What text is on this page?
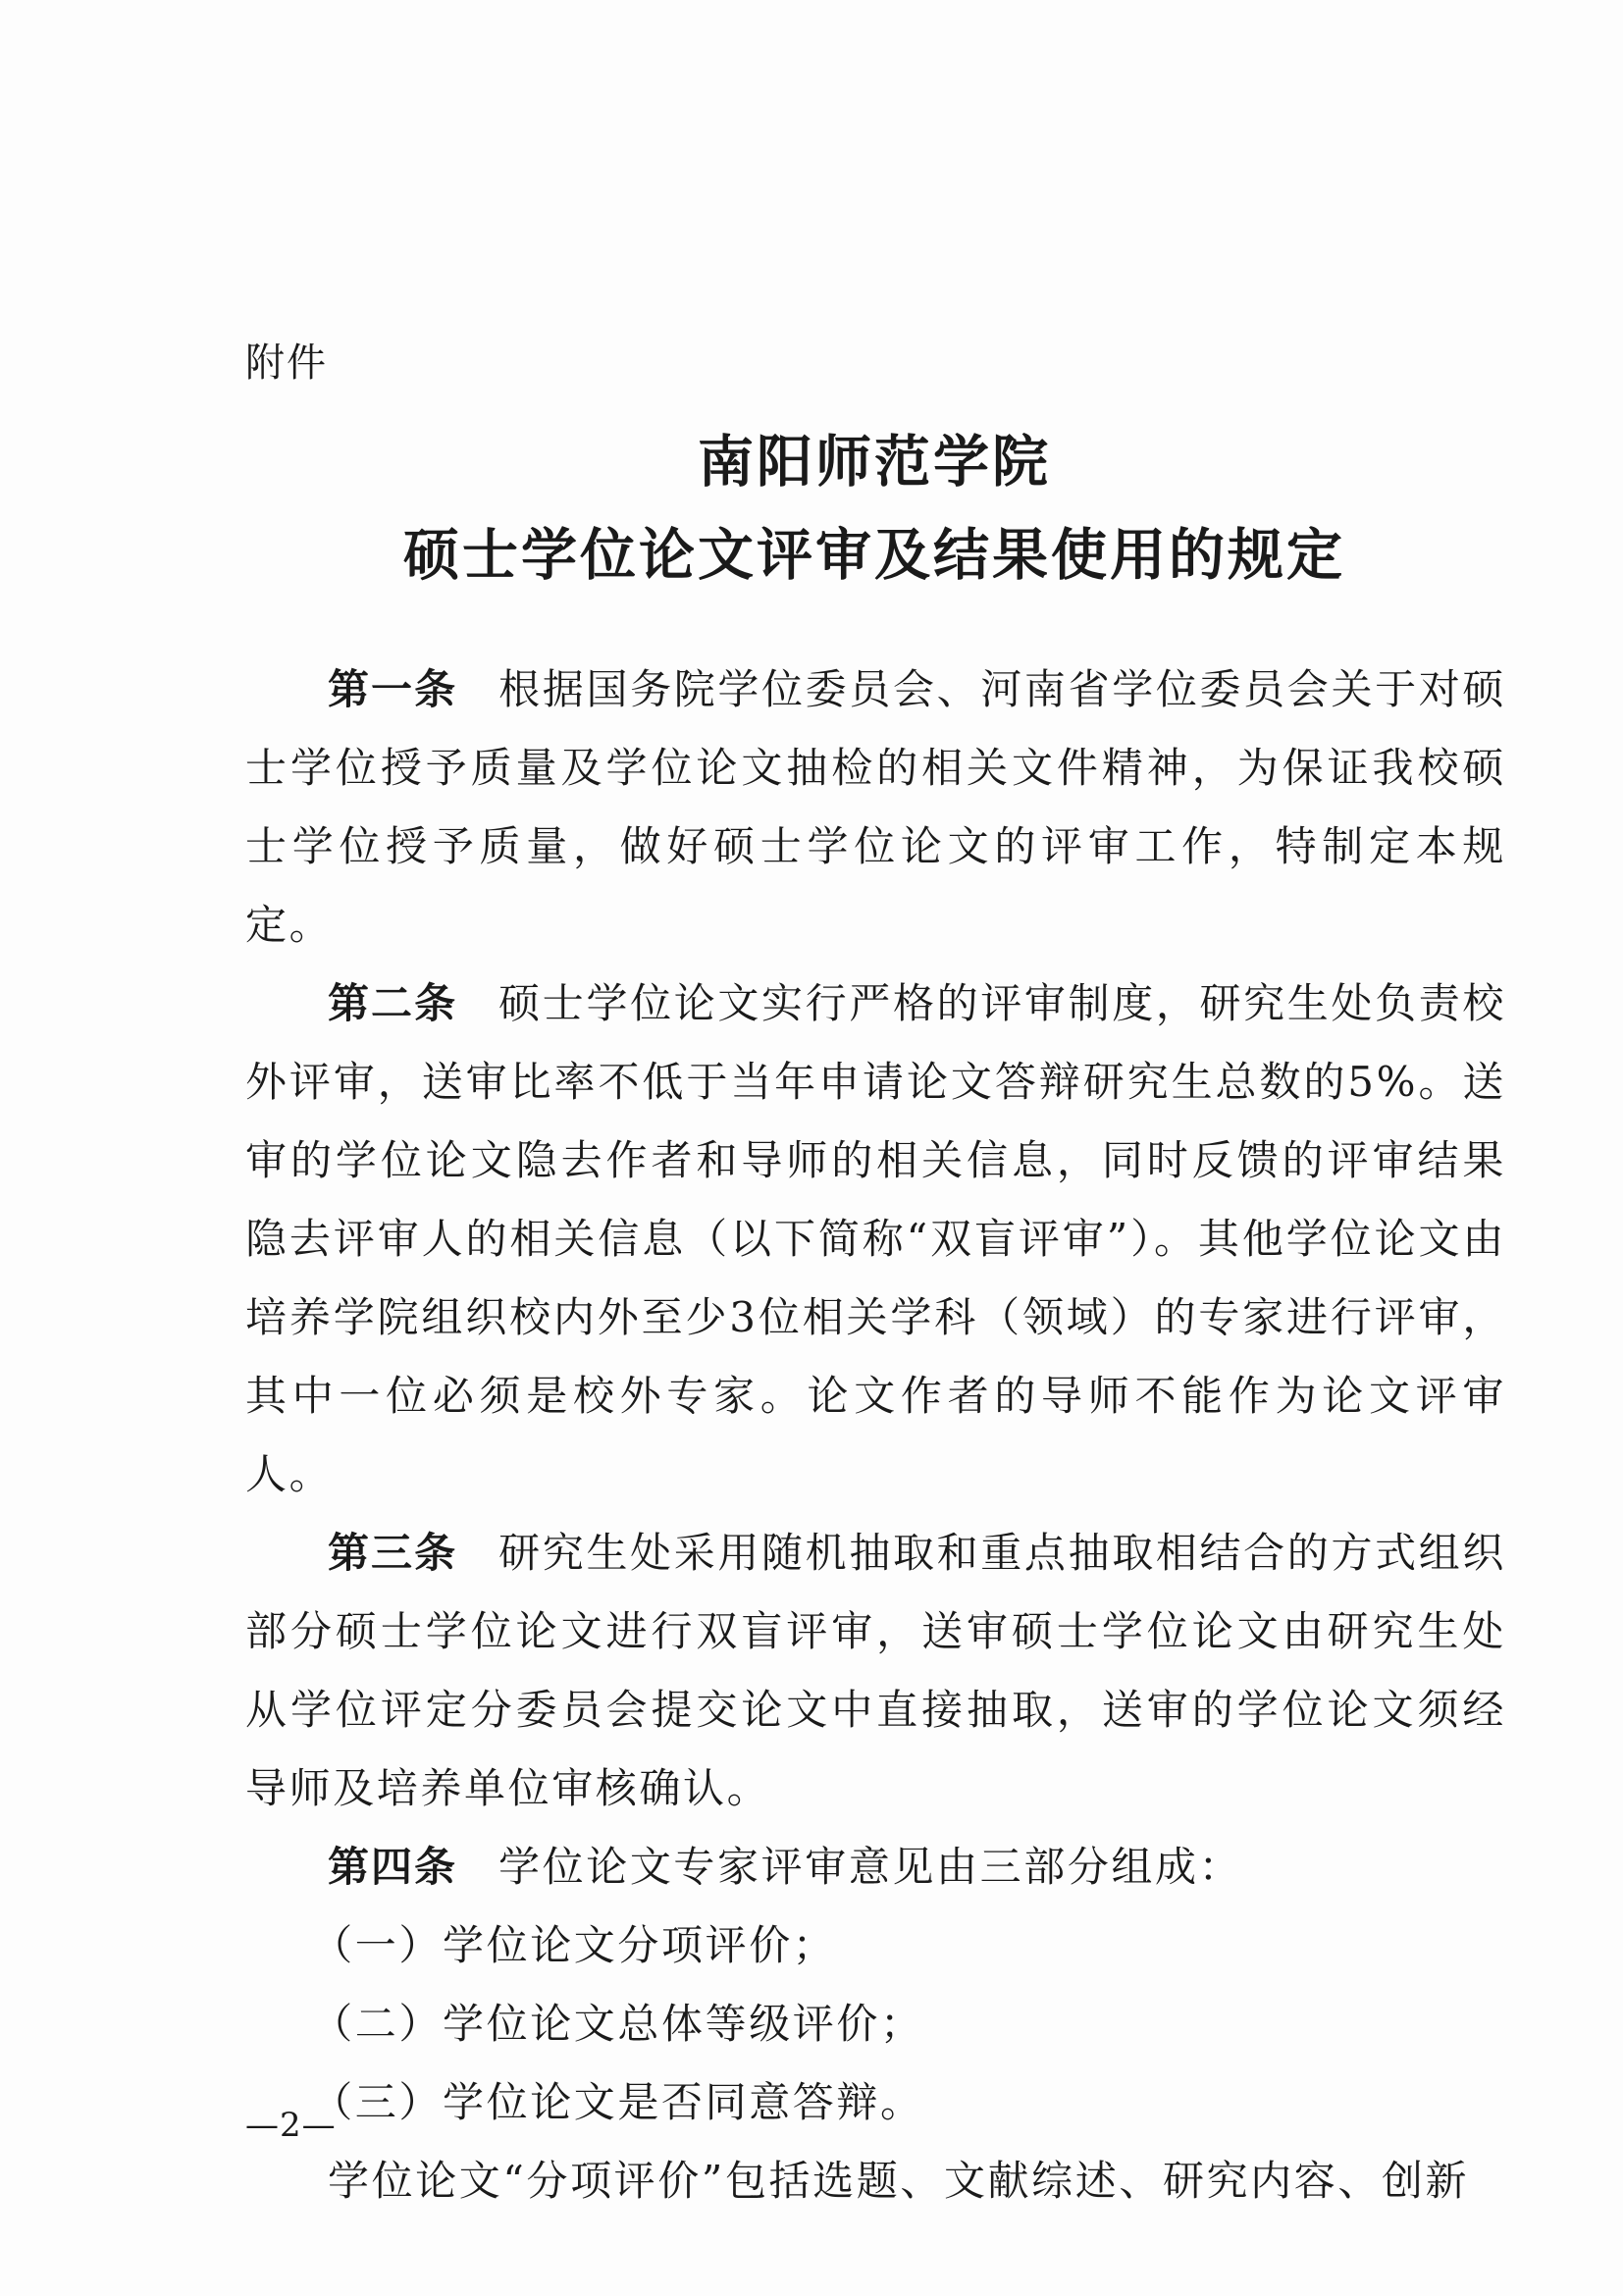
附件
南阳师范学院
硕士学位论文评审及结果使用的规定

第一条 根据国务院学位委员会、河南省学位委员会关于对硕士学位授予质量及学位论文抽检的相关文件精神，为保证我校硕士学位授予质量，做好硕士学位论文的评审工作，特制定本规定。

第二条 硕士学位论文实行严格的评审制度，研究生处负责校外评审，送审比率不低于当年申请论文答辩研究生总数的5%。送审的学位论文隐去作者和导师的相关信息，同时反馈的评审结果隐去评审人的相关信息（以下简称“双盲评审”）。其他学位论文由培养学院组织校内外至少3位相关学科（领域）的专家进行评审，其中一位必须是校外专家。论文作者的导师不能作为论文评审人。

第三条 研究生处采用随机抽取和重点抽取相结合的方式组织部分硕士学位论文进行双盲评审，送审硕士学位论文由研究生处从学位评定分委员会提交论文中直接抽取，送审的学位论文须经导师及培养单位审核确认。

第四条 学位论文专家评审意见由三部分组成：

（一）学位论文分项评价；

（二）学位论文总体等级评价；

（三）学位论文是否同意答辩。

学位论文“分项评价”包括选题、文献综述、研究内容、创新

—2—
